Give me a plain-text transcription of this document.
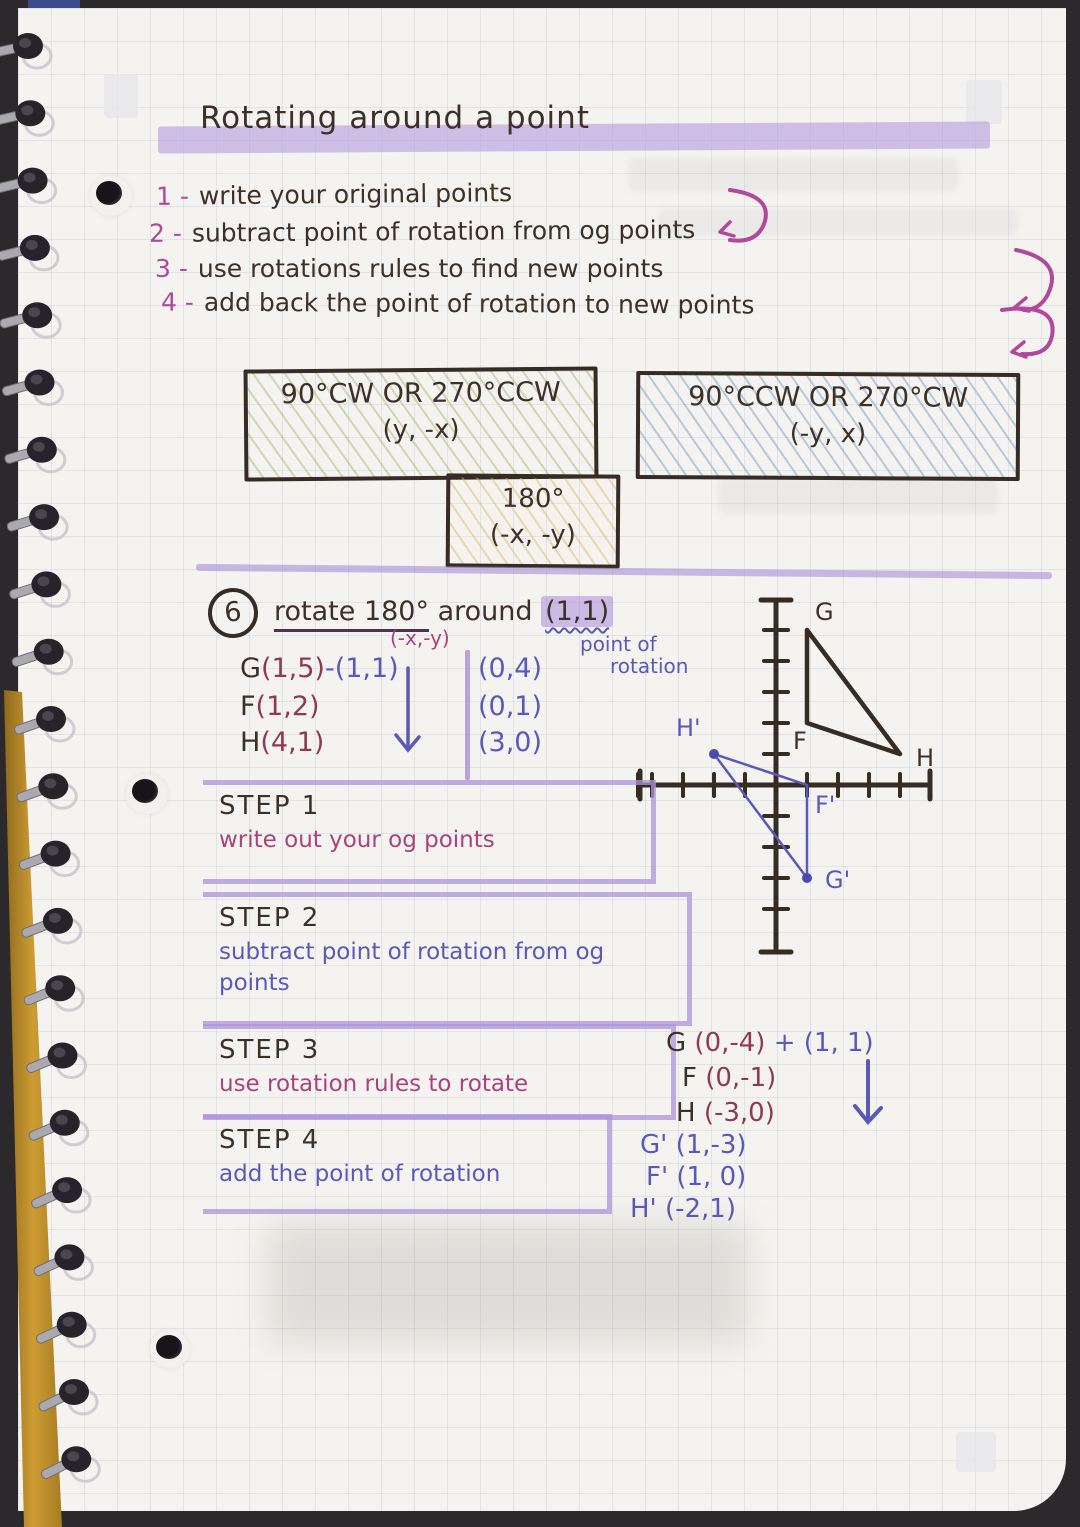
Rotating around a point
1 - write your original points
2 - subtract point of rotation from og points
3 - use rotations rules to find new points
4 - add back the point of rotation to new points
90°CW OR 270°CCW
(y, -x)
90°CCW OR 270°CW
(-y, x)
180°
(-x, -y)
6	rotate 180° around (1,1)
(-x,-y)	point of
rotation
G(1,5)-(1,1)
F(1,2)
H(4,1)
(0,4)
(0,1)
(3,0)
G
F
H
H'
F'
G'
STEP 1
write out your og points
STEP 2
subtract point of rotation from og points
STEP 3
use rotation rules to rotate
STEP 4
add the point of rotation
G (0,-4) + (1, 1)
F (0,-1)
H (-3,0)
G' (1,-3)
F' (1, 0)
H' (-2,1)
